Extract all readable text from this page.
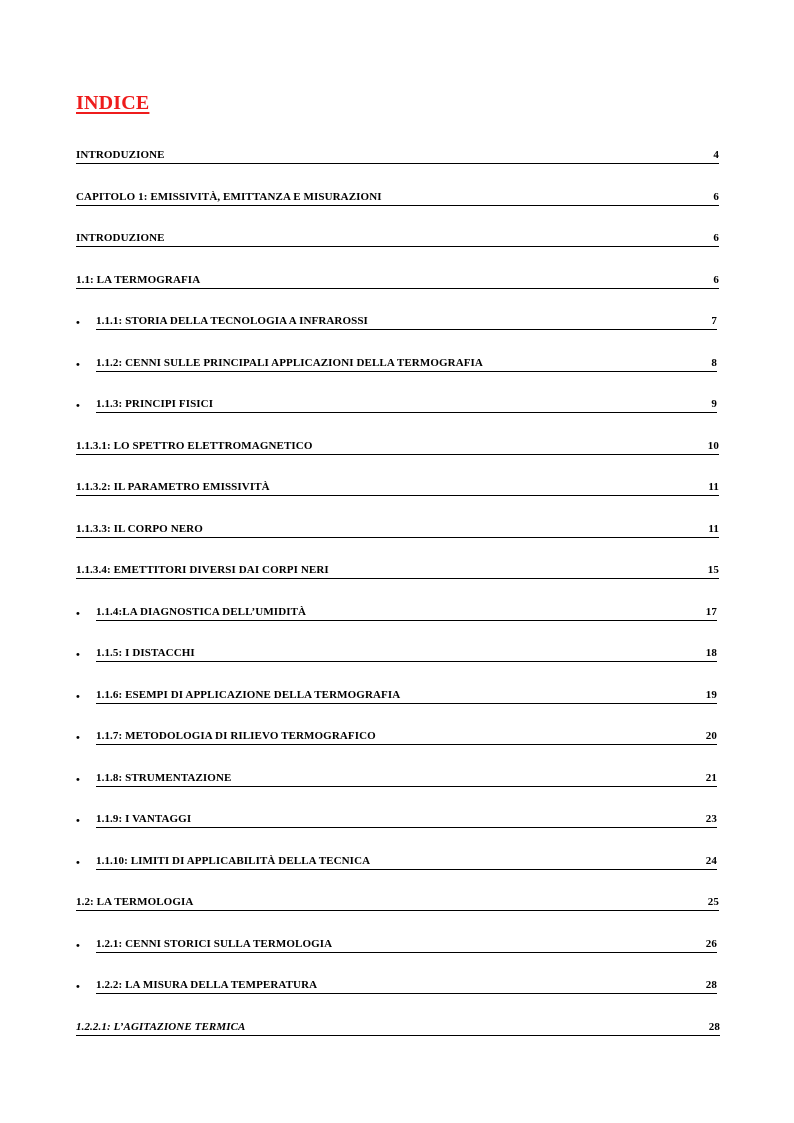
INDICE
INTRODUZIONE	4
CAPITOLO 1: EMISSIVITÀ, EMITTANZA E MISURAZIONI	6
INTRODUZIONE	6
1.1: LA TERMOGRAFIA	6
• 1.1.1: STORIA DELLA TECNOLOGIA A INFRAROSSI	7
• 1.1.2: CENNI SULLE PRINCIPALI APPLICAZIONI DELLA TERMOGRAFIA	8
• 1.1.3: PRINCIPI FISICI	9
1.1.3.1: LO SPETTRO ELETTROMAGNETICO	10
1.1.3.2: IL PARAMETRO EMISSIVITÀ	11
1.1.3.3: IL CORPO NERO	11
1.1.3.4: EMETTITORI DIVERSI DAI CORPI NERI	15
• 1.1.4:LA DIAGNOSTICA DELL’UMIDITÀ	17
• 1.1.5: I DISTACCHI	18
• 1.1.6: ESEMPI DI APPLICAZIONE DELLA TERMOGRAFIA	19
• 1.1.7: METODOLOGIA DI RILIEVO TERMOGRAFICO	20
• 1.1.8: STRUMENTAZIONE	21
• 1.1.9: I VANTAGGI	23
• 1.1.10: LIMITI DI APPLICABILITÀ DELLA TECNICA	24
1.2: LA TERMOLOGIA	25
• 1.2.1: CENNI STORICI SULLA TERMOLOGIA	26
• 1.2.2: LA MISURA DELLA TEMPERATURA	28
1.2.2.1: L’AGITAZIONE TERMICA	28
